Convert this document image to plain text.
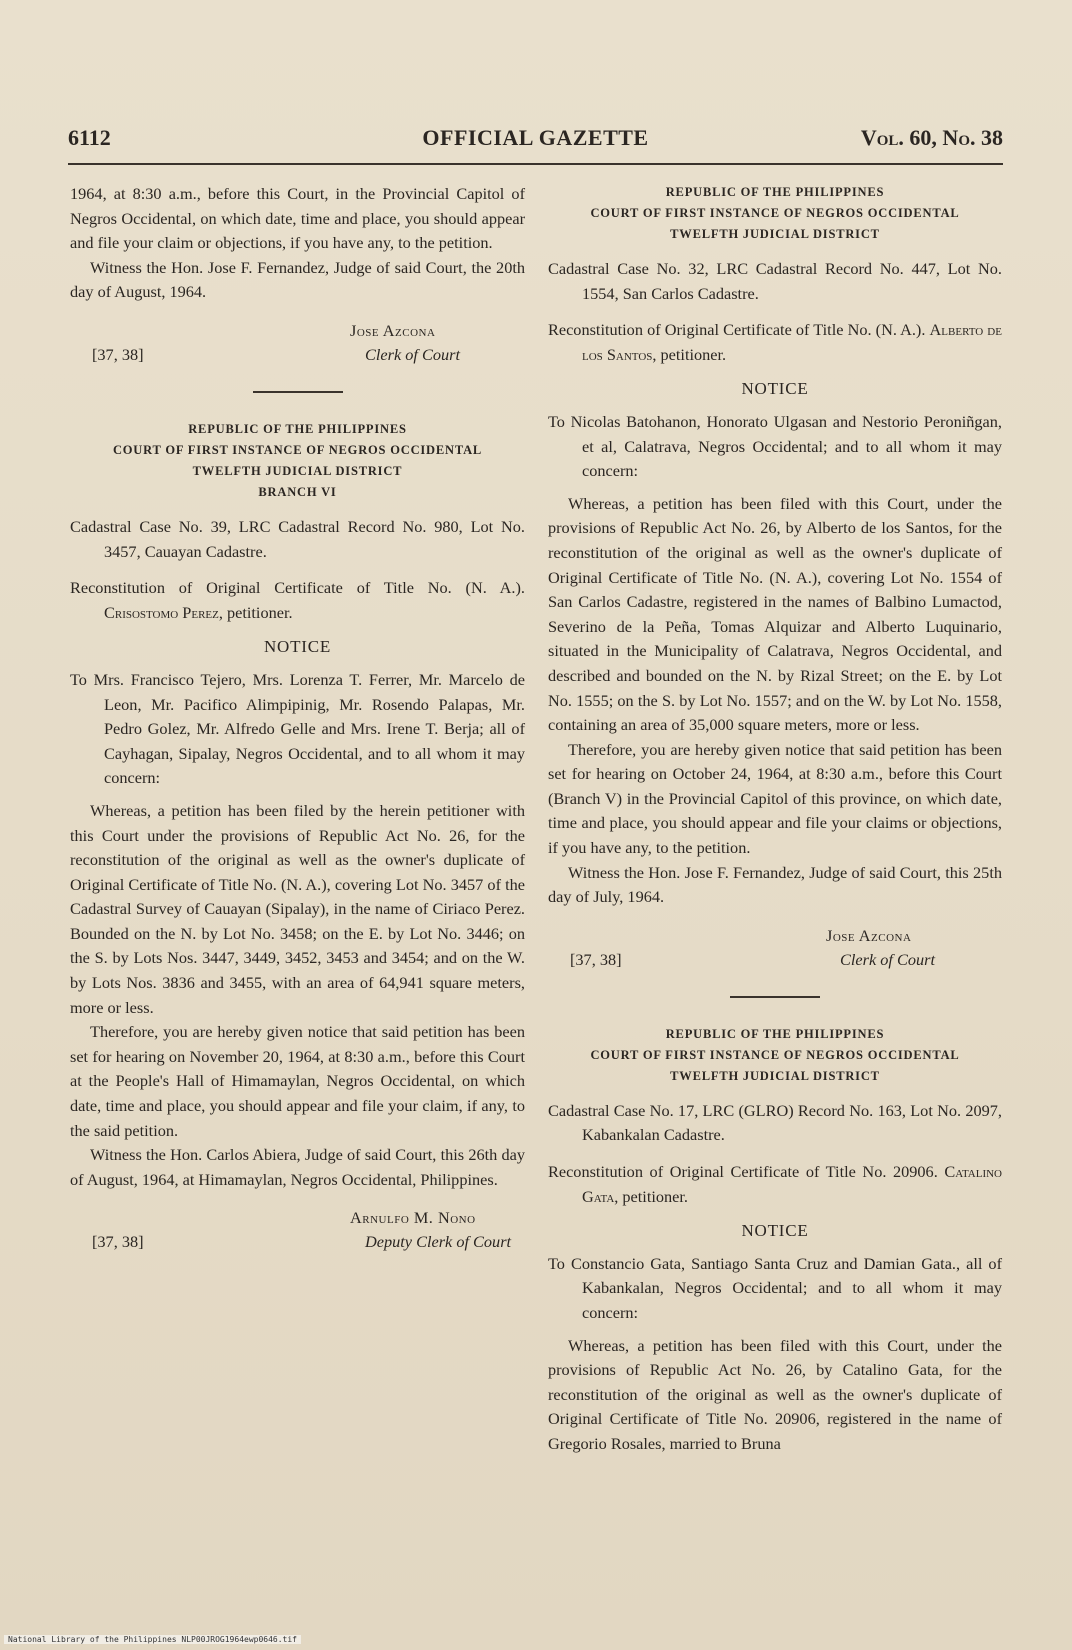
6112	OFFICIAL GAZETTE	Vol. 60, No. 38

1964, at 8:30 a.m., before this Court, in the Provincial Capitol of Negros Occidental, on which date, time and place, you should appear and file your claim or objections, if you have any, to the petition.

Witness the Hon. Jose F. Fernandez, Judge of said Court, the 20th day of August, 1964.

Jose Azcona
Clerk of Court
[37, 38]
REPUBLIC OF THE PHILIPPINES
COURT OF FIRST INSTANCE OF NEGROS OCCIDENTAL
TWELFTH JUDICIAL DISTRICT
BRANCH VI

Cadastral Case No. 39, LRC Cadastral Record No. 980, Lot No. 3457, Cauayan Cadastre.

Reconstitution of Original Certificate of Title No. (N. A.). Crisostomo Perez, petitioner.

NOTICE

To Mrs. Francisco Tejero, Mrs. Lorenza T. Ferrer, Mr. Marcelo de Leon, Mr. Pacifico Alimpipinig, Mr. Rosendo Palapas, Mr. Pedro Golez, Mr. Alfredo Gelle and Mrs. Irene T. Berja; all of Cayhagan, Sipalay, Negros Occidental, and to all whom it may concern:

Whereas, a petition has been filed by the herein petitioner with this Court under the provisions of Republic Act No. 26, for the reconstitution of the original as well as the owner's duplicate of Original Certificate of Title No. (N. A.), covering Lot No. 3457 of the Cadastral Survey of Cauayan (Sipalay), in the name of Ciriaco Perez. Bounded on the N. by Lot No. 3458; on the E. by Lot No. 3446; on the S. by Lots Nos. 3447, 3449, 3452, 3453 and 3454; and on the W. by Lots Nos. 3836 and 3455, with an area of 64,941 square meters, more or less.

Therefore, you are hereby given notice that said petition has been set for hearing on November 20, 1964, at 8:30 a.m., before this Court at the People's Hall of Himamaylan, Negros Occidental, on which date, time and place, you should appear and file your claim, if any, to the said petition.

Witness the Hon. Carlos Abiera, Judge of said Court, this 26th day of August, 1964, at Himamaylan, Negros Occidental, Philippines.

Arnulfo M. Nono
Deputy Clerk of Court
[37, 38]
REPUBLIC OF THE PHILIPPINES
COURT OF FIRST INSTANCE OF NEGROS OCCIDENTAL
TWELFTH JUDICIAL DISTRICT

Cadastral Case No. 32, LRC Cadastral Record No. 447, Lot No. 1554, San Carlos Cadastre.

Reconstitution of Original Certificate of Title No. (N. A.). Alberto de los Santos, petitioner.

NOTICE

To Nicolas Batohanon, Honorato Ulgasan and Nestorio Peroniñgan, et al, Calatrava, Negros Occidental; and to all whom it may concern:

Whereas, a petition has been filed with this Court, under the provisions of Republic Act No. 26, by Alberto de los Santos, for the reconstitution of the original as well as the owner's duplicate of Original Certificate of Title No. (N. A.), covering Lot No. 1554 of San Carlos Cadastre, registered in the names of Balbino Lumactod, Severino de la Peña, Tomas Alquizar and Alberto Luquinario, situated in the Municipality of Calatrava, Negros Occidental, and described and bounded on the N. by Rizal Street; on the E. by Lot No. 1555; on the S. by Lot No. 1557; and on the W. by Lot No. 1558, containing an area of 35,000 square meters, more or less.

Therefore, you are hereby given notice that said petition has been set for hearing on October 24, 1964, at 8:30 a.m., before this Court (Branch V) in the Provincial Capitol of this province, on which date, time and place, you should appear and file your claims or objections, if you have any, to the petition.

Witness the Hon. Jose F. Fernandez, Judge of said Court, this 25th day of July, 1964.

Jose Azcona
Clerk of Court
[37, 38]
REPUBLIC OF THE PHILIPPINES
COURT OF FIRST INSTANCE OF NEGROS OCCIDENTAL
TWELFTH JUDICIAL DISTRICT

Cadastral Case No. 17, LRC (GLRO) Record No. 163, Lot No. 2097, Kabankalan Cadastre.

Reconstitution of Original Certificate of Title No. 20906. Catalino Gata, petitioner.

NOTICE

To Constancio Gata, Santiago Santa Cruz and Damian Gata., all of Kabankalan, Negros Occidental; and to all whom it may concern:

Whereas, a petition has been filed with this Court, under the provisions of Republic Act No. 26, by Catalino Gata, for the reconstitution of the original as well as the owner's duplicate of Original Certificate of Title No. 20906, registered in the name of Gregorio Rosales, married to Bruna

National Library of the Philippines NLP00JROG1964ewp0646.tif
